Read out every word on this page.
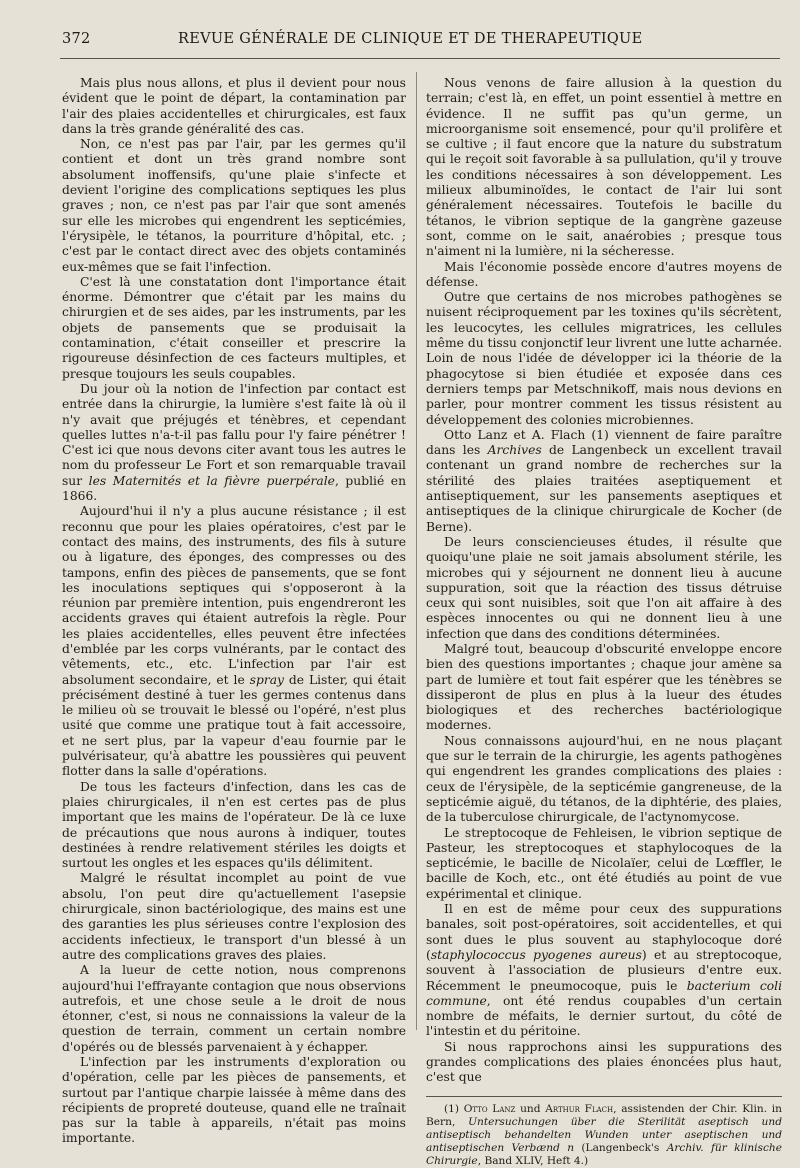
372	REVUE GÉNÉRALE DE CLINIQUE ET DE THERAPEUTIQUE

Mais plus nous allons, et plus il devient pour nous évident que le point de départ, la contamination par l'air des plaies accidentelles et chirurgicales, est faux dans la très grande généralité des cas.

Non, ce n'est pas par l'air, par les germes qu'il contient et dont un très grand nombre sont absolument inoffensifs, qu'une plaie s'infecte et devient l'origine des complications septiques les plus graves ; non, ce n'est pas par l'air que sont amenés sur elle les microbes qui engendrent les septicémies, l'érysipèle, le tétanos, la pourriture d'hôpital, etc. ; c'est par le contact direct avec des objets contaminés eux-mêmes que se fait l'infection.

C'est là une constatation dont l'importance était énorme. Démontrer que c'était par les mains du chirurgien et de ses aides, par les instruments, par les objets de pansements que se produisait la contamination, c'était conseiller et prescrire la rigoureuse désinfection de ces facteurs multiples, et presque toujours les seuls coupables.

Du jour où la notion de l'infection par contact est entrée dans la chirurgie, la lumière s'est faite là où il n'y avait que préjugés et ténèbres, et cependant quelles luttes n'a-t-il pas fallu pour l'y faire pénétrer ! C'est ici que nous devons citer avant tous les autres le nom du professeur Le Fort et son remarquable travail sur les Maternités et la fièvre puerpérale, publié en 1866.

Aujourd'hui il n'y a plus aucune résistance ; il est reconnu que pour les plaies opératoires, c'est par le contact des mains, des instruments, des fils à suture ou à ligature, des éponges, des compresses ou des tampons, enfin des pièces de pansements, que se font les inoculations septiques qui s'opposeront à la réunion par première intention, puis engendreront les accidents graves qui étaient autrefois la règle. Pour les plaies accidentelles, elles peuvent être infectées d'emblée par les corps vulnérants, par le contact des vêtements, etc., etc. L'infection par l'air est absolument secondaire, et le spray de Lister, qui était précisément destiné à tuer les germes contenus dans le milieu où se trouvait le blessé ou l'opéré, n'est plus usité que comme une pratique tout à fait accessoire, et ne sert plus, par la vapeur d'eau fournie par le pulvérisateur, qu'à abattre les poussières qui peuvent flotter dans la salle d'opérations.

De tous les facteurs d'infection, dans les cas de plaies chirurgicales, il n'en est certes pas de plus important que les mains de l'opérateur. De là ce luxe de précautions que nous aurons à indiquer, toutes destinées à rendre relativement stériles les doigts et surtout les ongles et les espaces qu'ils délimitent.

Malgré le résultat incomplet au point de vue absolu, l'on peut dire qu'actuellement l'asepsie chirurgicale, sinon bactériologique, des mains est une des garanties les plus sérieuses contre l'explosion des accidents infectieux, le transport d'un blessé à un autre des complications graves des plaies.

A la lueur de cette notion, nous comprenons aujourd'hui l'effrayante contagion que nous observions autrefois, et une chose seule a le droit de nous étonner, c'est, si nous ne connaissions la valeur de la question de terrain, comment un certain nombre d'opérés ou de blessés parvenaient à y échapper.

L'infection par les instruments d'exploration ou d'opération, celle par les pièces de pansements, et surtout par l'antique charpie laissée à même dans des récipients de propreté douteuse, quand elle ne traînait pas sur la table à appareils, n'était pas moins importante.

Nous venons de faire allusion à la question du terrain; c'est là, en effet, un point essentiel à mettre en évidence. Il ne suffit pas qu'un germe, un microorganisme soit ensemencé, pour qu'il prolifère et se cultive ; il faut encore que la nature du substratum qui le reçoit soit favorable à sa pullulation, qu'il y trouve les conditions nécessaires à son développement. Les milieux albuminoïdes, le contact de l'air lui sont généralement nécessaires. Toutefois le bacille du tétanos, le vibrion septique de la gangrène gazeuse sont, comme on le sait, anaérobies ; presque tous n'aiment ni la lumière, ni la sécheresse.

Mais l'économie possède encore d'autres moyens de défense.

Outre que certains de nos microbes pathogènes se nuisent réciproquement par les toxines qu'ils sécrètent, les leucocytes, les cellules migratrices, les cellules même du tissu conjonctif leur livrent une lutte acharnée. Loin de nous l'idée de développer ici la théorie de la phagocytose si bien étudiée et exposée dans ces derniers temps par Metschnikoff, mais nous devions en parler, pour montrer comment les tissus résistent au développement des colonies microbiennes.

Otto Lanz et A. Flach (1) viennent de faire paraître dans les Archives de Langenbeck un excellent travail contenant un grand nombre de recherches sur la stérilité des plaies traitées aseptiquement et antiseptiquement, sur les pansements aseptiques et antiseptiques de la clinique chirurgicale de Kocher (de Berne).

De leurs consciencieuses études, il résulte que quoiqu'une plaie ne soit jamais absolument stérile, les microbes qui y séjournent ne donnent lieu à aucune suppuration, soit que la réaction des tissus détruise ceux qui sont nuisibles, soit que l'on ait affaire à des espèces innocentes ou qui ne donnent lieu à une infection que dans des conditions déterminées.

Malgré tout, beaucoup d'obscurité enveloppe encore bien des questions importantes ; chaque jour amène sa part de lumière et tout fait espérer que les ténèbres se dissiperont de plus en plus à la lueur des études biologiques et des recherches bactériologique modernes.

Nous connaissons aujourd'hui, en ne nous plaçant que sur le terrain de la chirurgie, les agents pathogènes qui engendrent les grandes complications des plaies : ceux de l'érysipèle, de la septicémie gangreneuse, de la septicémie aiguë, du tétanos, de la diphtérie, des plaies, de la tuberculose chirurgicale, de l'actynomycose.

Le streptocoque de Fehleisen, le vibrion septique de Pasteur, les streptocoques et staphylocoques de la septicémie, le bacille de Nicolaïer, celui de Lœffler, le bacille de Koch, etc., ont été étudiés au point de vue expérimental et clinique.

Il en est de même pour ceux des suppurations banales, soit post-opératoires, soit accidentelles, et qui sont dues le plus souvent au staphylocoque doré (staphylococcus pyogenes aureus) et au streptocoque, souvent à l'association de plusieurs d'entre eux. Récemment le pneumocoque, puis le bacterium coli commune, ont été rendus coupables d'un certain nombre de méfaits, le dernier surtout, du côté de l'intestin et du péritoine.

Si nous rapprochons ainsi les suppurations des grandes complications des plaies énoncées plus haut, c'est que

(1) Otto Lanz und Arthur Flach, assistenden der Chir. Klin. in Bern, Untersuchungen über die Sterilität aseptisch und antiseptisch behandelten Wunden unter aseptischen und antiseptischen Verbænd n (Langenbeck's Archiv. für klinische Chirurgie, Band XLIV, Heft 4.)
